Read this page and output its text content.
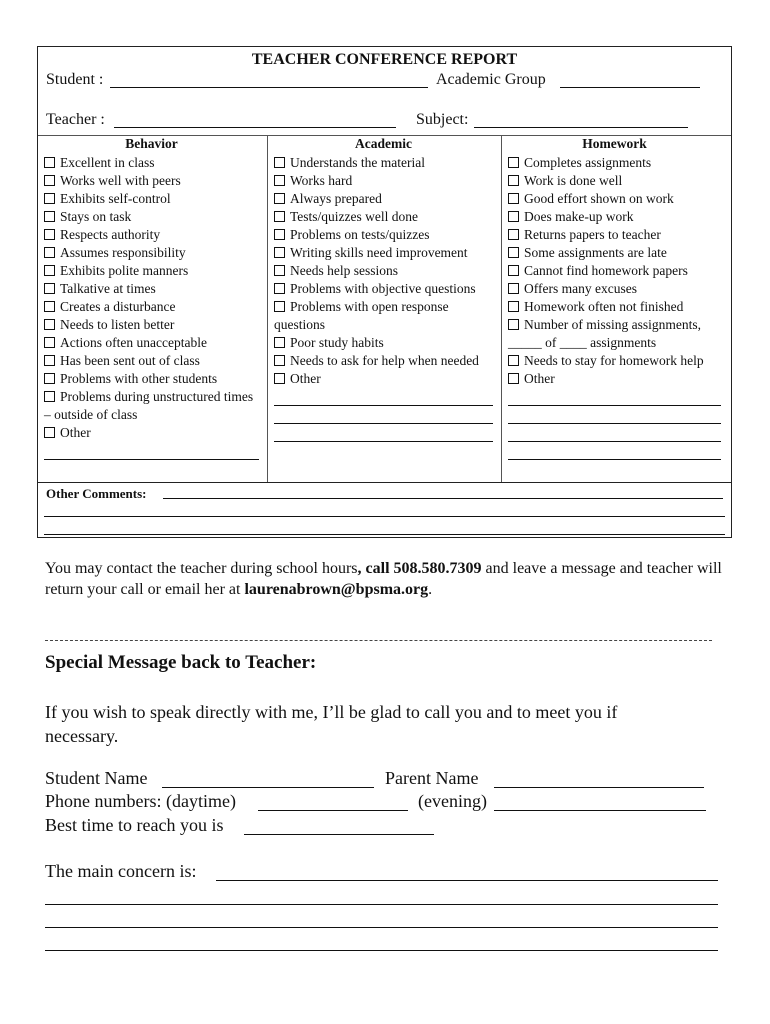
TEACHER CONFERENCE REPORT
Student :	Academic Group
Teacher :	Subject:
Behavior
Excellent in class
Works well with peers
Exhibits self-control
Stays on task
Respects authority
Assumes responsibility
Exhibits polite manners
Talkative at times
Creates a disturbance
Needs to listen better
Actions often unacceptable
Has been sent out of class
Problems with other students
Problems during unstructured times – outside of class
Other
Academic
Understands the material
Works hard
Always prepared
Tests/quizzes well done
Problems on tests/quizzes
Writing skills need improvement
Needs help sessions
Problems with objective questions
Problems with open response questions
Poor study habits
Needs to ask for help when needed
Other
Homework
Completes assignments
Work is done well
Good effort shown on work
Does make-up work
Returns papers to teacher
Some assignments are late
Cannot find homework papers
Offers many excuses
Homework often not finished
Number of missing assignments, _____ of ____ assignments
Needs to stay for homework help
Other
Other Comments:
You may contact the teacher during school hours, call 508.580.7309 and leave a message and teacher will return your call or email her at laurenabrown@bpsma.org.
Special Message back to Teacher:
If you wish to speak directly with me, I’ll be glad to call you and to meet you if necessary.
Student Name	Parent Name
Phone numbers: (daytime)	(evening)
Best time to reach you is
The main concern is:
